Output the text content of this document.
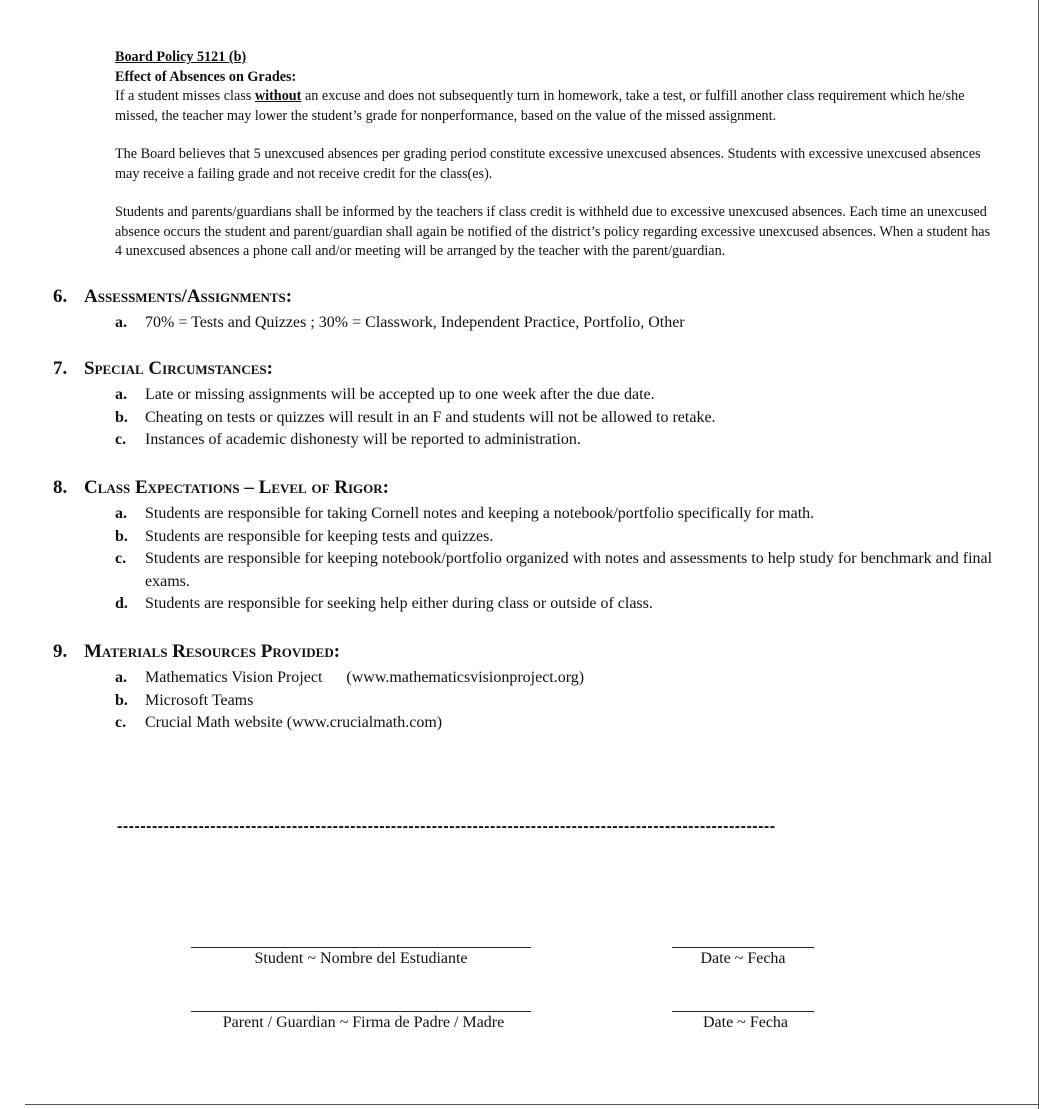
Board Policy 5121 (b)
Effect of Absences on Grades:

If a student misses class without an excuse and does not subsequently turn in homework, take a test, or fulfill another class requirement which he/she missed, the teacher may lower the student’s grade for nonperformance, based on the value of the missed assignment.

The Board believes that 5 unexcused absences per grading period constitute excessive unexcused absences. Students with excessive unexcused absences may receive a failing grade and not receive credit for the class(es).

Students and parents/guardians shall be informed by the teachers if class credit is withheld due to excessive unexcused absences. Each time an unexcused absence occurs the student and parent/guardian shall again be notified of the district’s policy regarding excessive unexcused absences. When a student has 4 unexcused absences a phone call and/or meeting will be arranged by the teacher with the parent/guardian.

6. Assessments/Assignments:
a. 70% = Tests and Quizzes ; 30% = Classwork, Independent Practice, Portfolio, Other
7. Special Circumstances:
a. Late or missing assignments will be accepted up to one week after the due date.
b. Cheating on tests or quizzes will result in an F and students will not be allowed to retake.
c. Instances of academic dishonesty will be reported to administration.
8. Class Expectations – Level of Rigor:
a. Students are responsible for taking Cornell notes and keeping a notebook/portfolio specifically for math.
b. Students are responsible for keeping tests and quizzes.
c. Students are responsible for keeping notebook/portfolio organized with notes and assessments to help study for benchmark and final exams.
d. Students are responsible for seeking help either during class or outside of class.
9. Materials Resources Provided:
a. Mathematics Vision Project      (www.mathematicsvisionproject.org)
b. Microsoft Teams
c. Crucial Math website (www.crucialmath.com)
-----------------------------------------------------------------------------------------------------------------
Student ~ Nombre del Estudiante	Date ~ Fecha
Parent / Guardian ~ Firma de Padre / Madre	Date ~ Fecha
